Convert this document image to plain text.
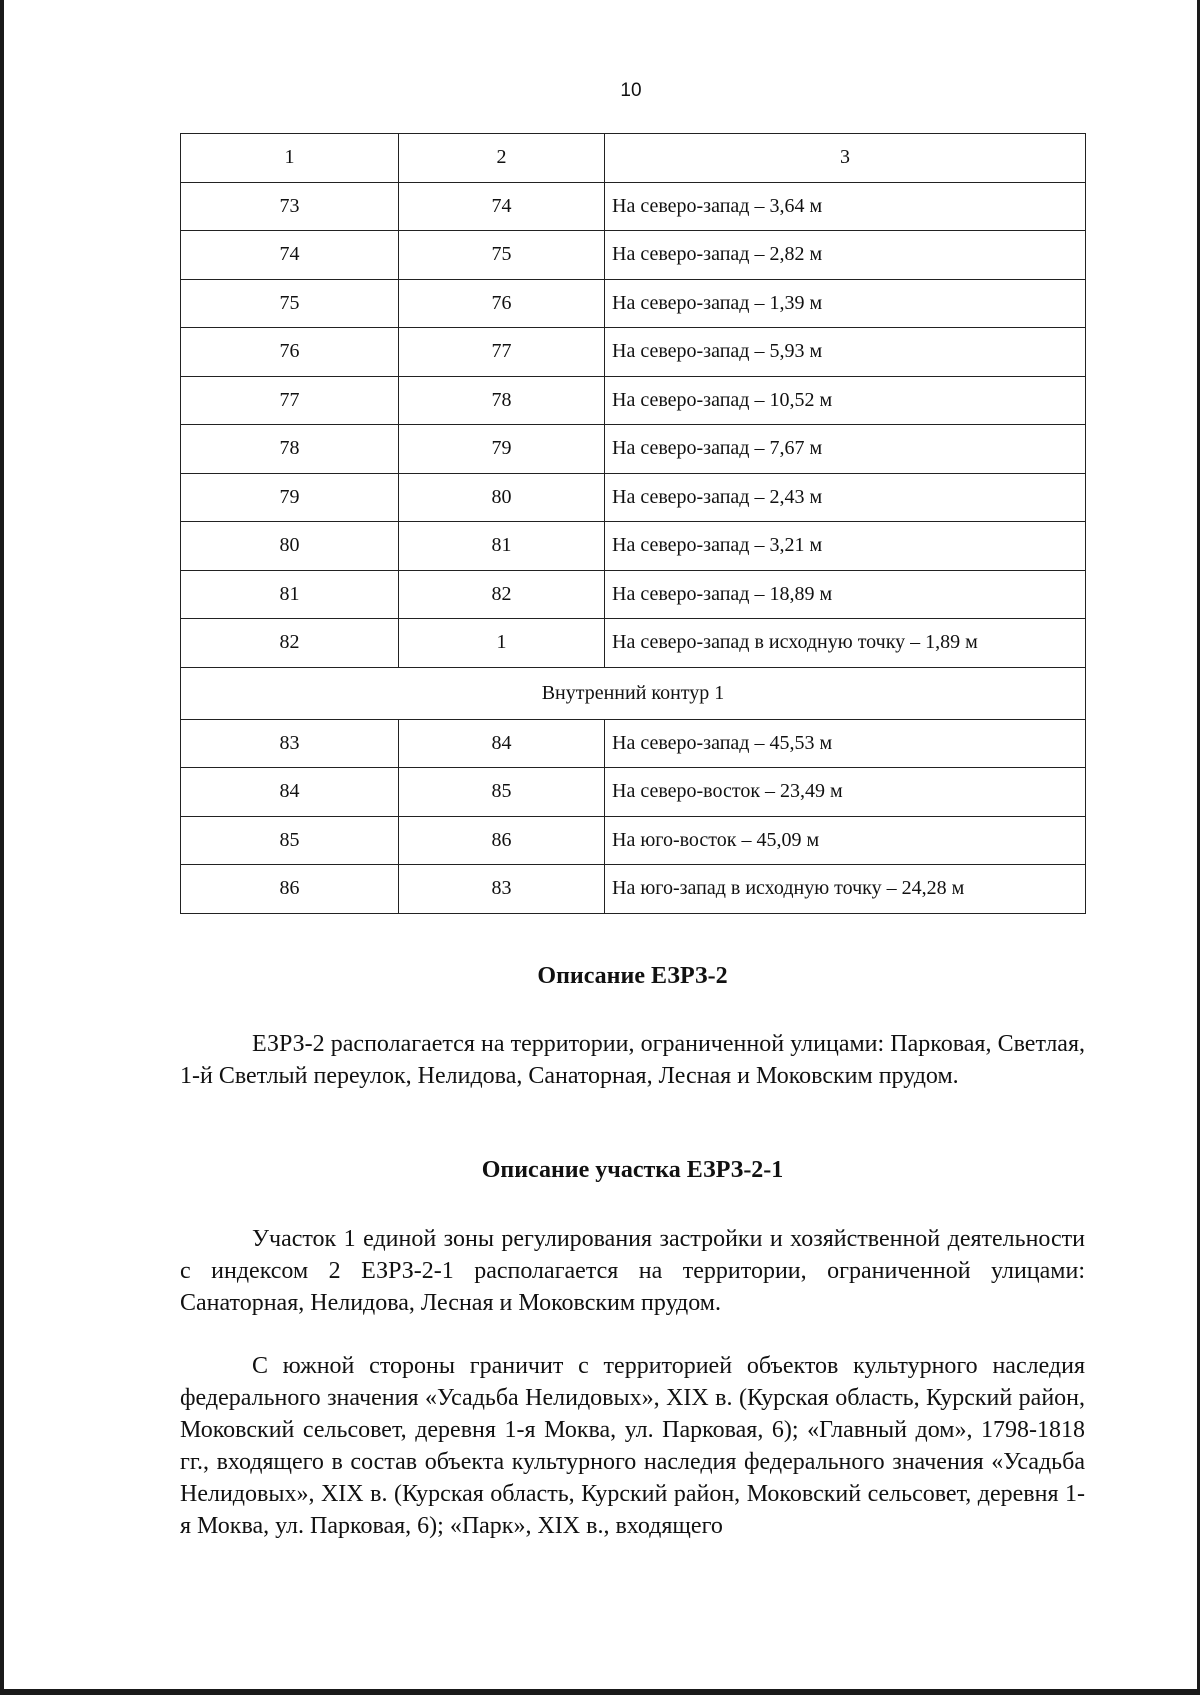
10
1	2	3
73	74	На северо-запад – 3,64 м
74	75	На северо-запад – 2,82 м
75	76	На северо-запад – 1,39 м
76	77	На северо-запад – 5,93 м
77	78	На северо-запад – 10,52 м
78	79	На северо-запад – 7,67 м
79	80	На северо-запад – 2,43 м
80	81	На северо-запад – 3,21 м
81	82	На северо-запад – 18,89 м
82	1	На северо-запад в исходную точку – 1,89 м
Внутренний контур 1		
83	84	На северо-запад – 45,53 м
84	85	На северо-восток – 23,49 м
85	86	На юго-восток – 45,09 м
86	83	На юго-запад в исходную точку – 24,28 м
Описание ЕЗРЗ-2
ЕЗРЗ-2 располагается на территории, ограниченной улицами: Парковая, Светлая, 1-й Светлый переулок, Нелидова, Санаторная, Лесная и Моковским прудом.
Описание участка ЕЗРЗ-2-1
Участок 1 единой зоны регулирования застройки и хозяйственной деятельности с индексом 2 ЕЗРЗ-2-1 располагается на территории, ограниченной улицами: Санаторная, Нелидова, Лесная и Моковским прудом.
С южной стороны граничит с территорией объектов культурного наследия федерального значения «Усадьба Нелидовых», XIX в. (Курская область, Курский район, Моковский сельсовет, деревня 1-я Моква, ул. Парковая, 6); «Главный дом», 1798-1818 гг., входящего в состав объекта культурного наследия федерального значения «Усадьба Нелидовых», XIX в. (Курская область, Курский район, Моковский сельсовет, деревня 1-я Моква, ул. Парковая, 6); «Парк», XIX в., входящего
